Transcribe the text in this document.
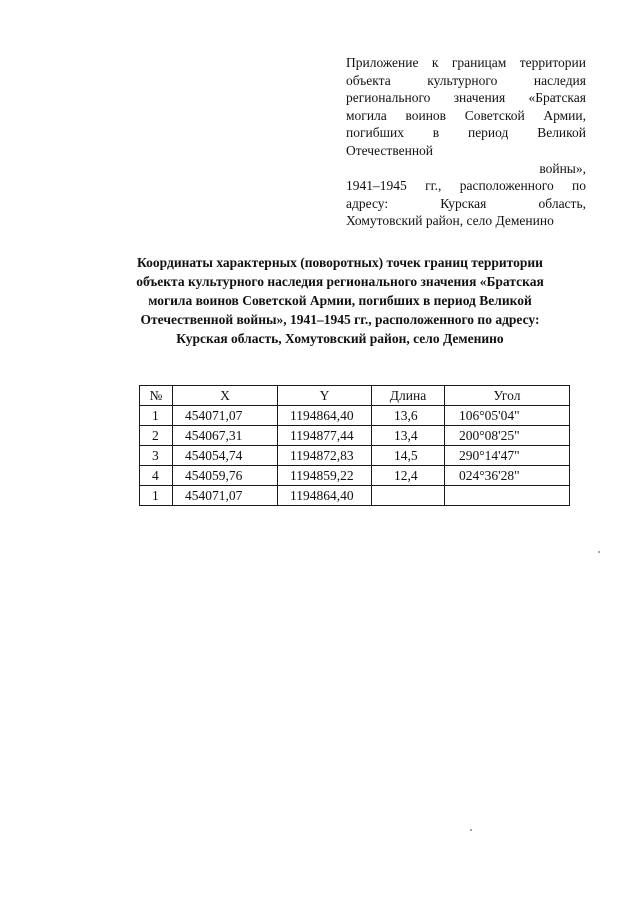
Приложение к границам территории
объекта культурного наследия
регионального значения «Братская
могила воинов Советской Армии,
погибших в период Великой
Отечественной
войны»,
1941–1945 гг., расположенного по
адресу: Курская область,
Хомутовский район, село Деменино
Координаты характерных (поворотных) точек границ территории
объекта культурного наследия регионального значения «Братская
могила воинов Советской Армии, погибших в период Великой
Отечественной войны», 1941–1945 гг., расположенного по адресу:
Курская область, Хомутовский район, село Деменино
№	X	Y	Длина	Угол
1	454071,07	1194864,40	13,6	106°05'04"
2	454067,31	1194877,44	13,4	200°08'25"
3	454054,74	1194872,83	14,5	290°14'47"
4	454059,76	1194859,22	12,4	024°36'28"
1	454071,07	1194864,40		
